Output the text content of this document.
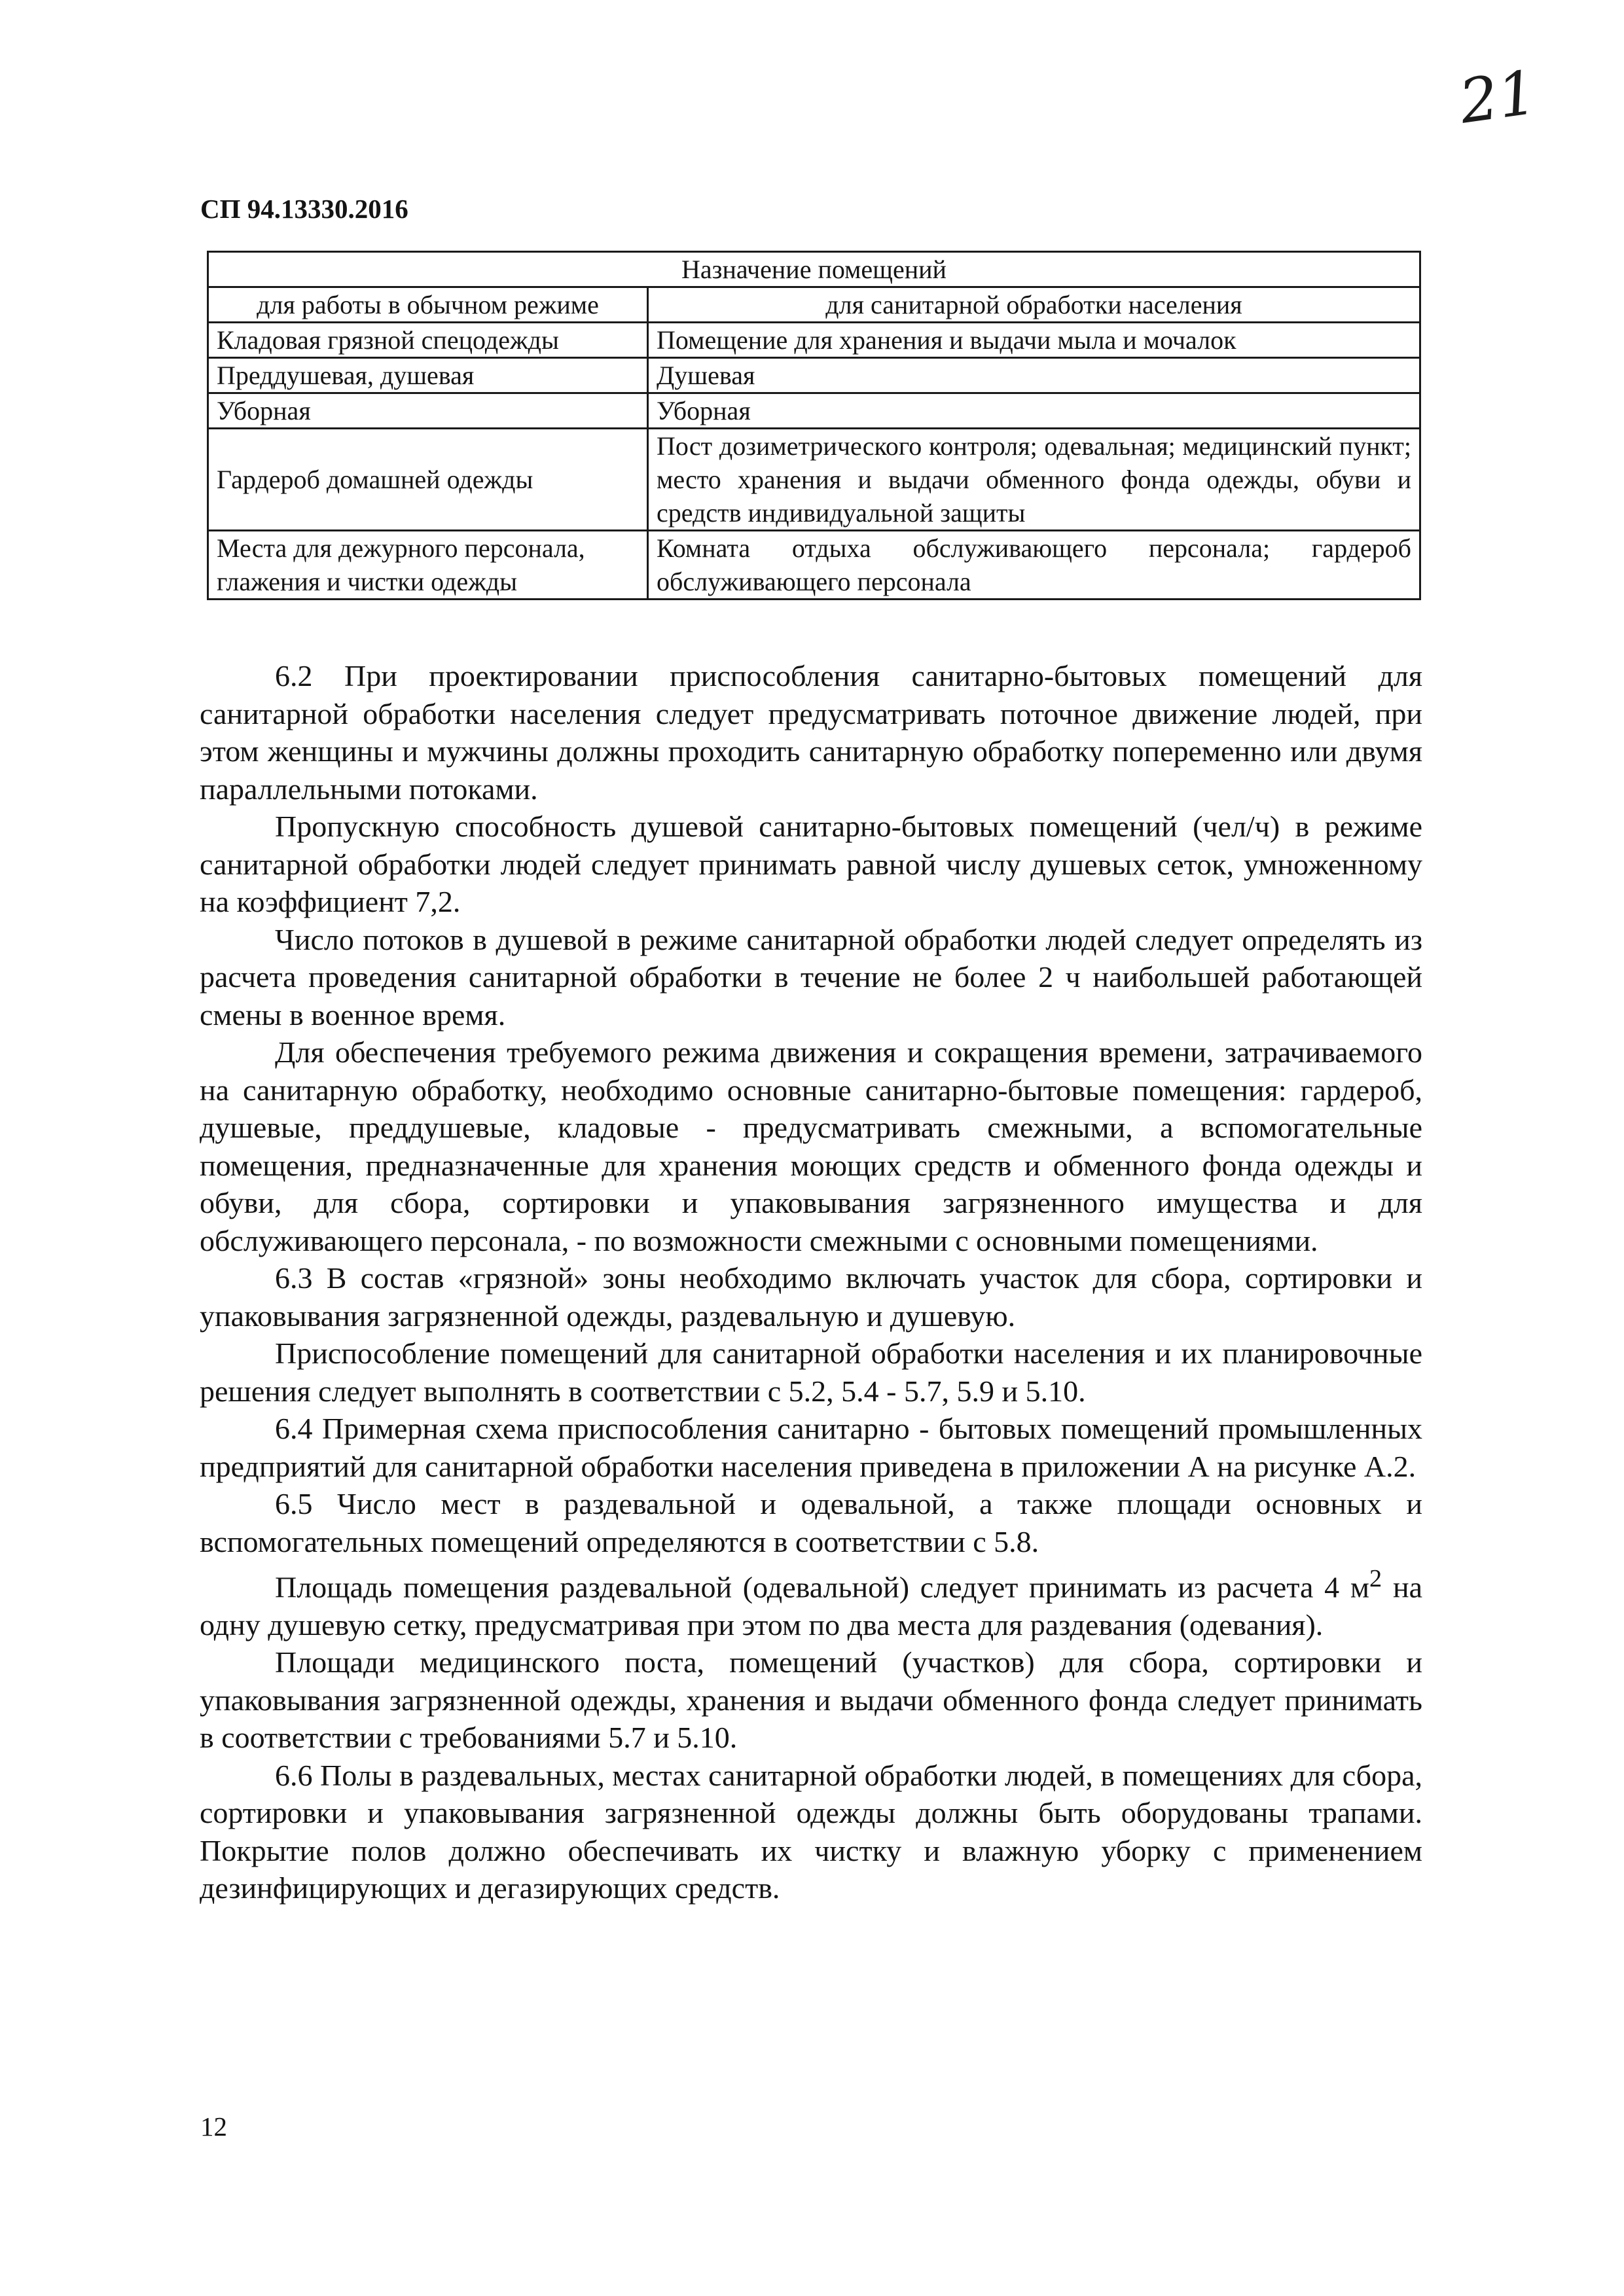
21
СП 94.13330.2016
Назначение помещений	
для работы в обычном режиме	для санитарной обработки населения
Кладовая грязной спецодежды	Помещение для хранения и выдачи мыла и мочалок
Преддушевая, душевая	Душевая
Уборная	Уборная
Гардероб домашней одежды	Пост дозиметрического контроля; одевальная; медицинский пункт; место хранения и выдачи обменного фонда одежды, обуви и средств индивидуальной защиты
Места для дежурного персонала, глажения и чистки одежды	Комната отдыха обслуживающего персонала; гардероб обслуживающего персонала

6.2 При проектировании приспособления санитарно-бытовых помещений для санитарной обработки населения следует предусматривать поточное движение людей, при этом женщины и мужчины должны проходить санитарную обработку попеременно или двумя параллельными потоками.

Пропускную способность душевой санитарно-бытовых помещений (чел/ч) в режиме санитарной обработки людей следует принимать равной числу душевых сеток, умноженному на коэффициент 7,2.

Число потоков в душевой в режиме санитарной обработки людей следует определять из расчета проведения санитарной обработки в течение не более 2 ч наибольшей работающей смены в военное время.

Для обеспечения требуемого режима движения и сокращения времени, затрачиваемого на санитарную обработку, необходимо основные санитарно-бытовые помещения: гардероб, душевые, преддушевые, кладовые - предусматривать смежными, а вспомогательные помещения, предназначенные для хранения моющих средств и обменного фонда одежды и обуви, для сбора, сортировки и упаковывания загрязненного имущества и для обслуживающего персонала, - по возможности смежными с основными помещениями.

6.3 В состав «грязной» зоны необходимо включать участок для сбора, сортировки и упаковывания загрязненной одежды, раздевальную и душевую.

Приспособление помещений для санитарной обработки населения и их планировочные решения следует выполнять в соответствии с 5.2, 5.4 - 5.7, 5.9 и 5.10.

6.4 Примерная схема приспособления санитарно - бытовых помещений промышленных предприятий для санитарной обработки населения приведена в приложении А на рисунке А.2.

6.5 Число мест в раздевальной и одевальной, а также площади основных и вспомогательных помещений определяются в соответствии с 5.8.

Площадь помещения раздевальной (одевальной) следует принимать из расчета 4 $м^2$ на одну душевую сетку, предусматривая при этом по два места для раздевания (одевания).

Площади медицинского поста, помещений (участков) для сбора, сортировки и упаковывания загрязненной одежды, хранения и выдачи обменного фонда следует принимать в соответствии с требованиями 5.7 и 5.10.

6.6 Полы в раздевальных, местах санитарной обработки людей, в помещениях для сбора, сортировки и упаковывания загрязненной одежды должны быть оборудованы трапами. Покрытие полов должно обеспечивать их чистку и влажную уборку с применением дезинфицирующих и дегазирующих средств.

12
